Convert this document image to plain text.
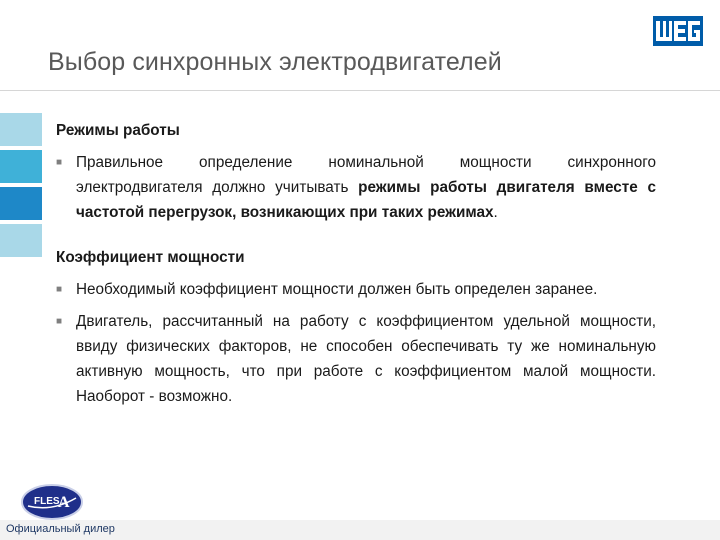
Выбор синхронных электродвигателей

Режимы работы

■ Правильное определение номинальной мощности синхронного электродвигателя должно учитывать режимы работы двигателя вместе с частотой перегрузок, возникающих при таких режимах.

Коэффициент мощности

■ Необходимый коэффициент мощности должен быть определен заранее.
■ Двигатель, рассчитанный на работу с коэффициентом удельной мощности, ввиду физических факторов, не способен обеспечивать ту же номинальную активную мощность, что при работе с коэффициентом малой мощности. Наоборот - возможно.
FLES
A
Официальный дилер
